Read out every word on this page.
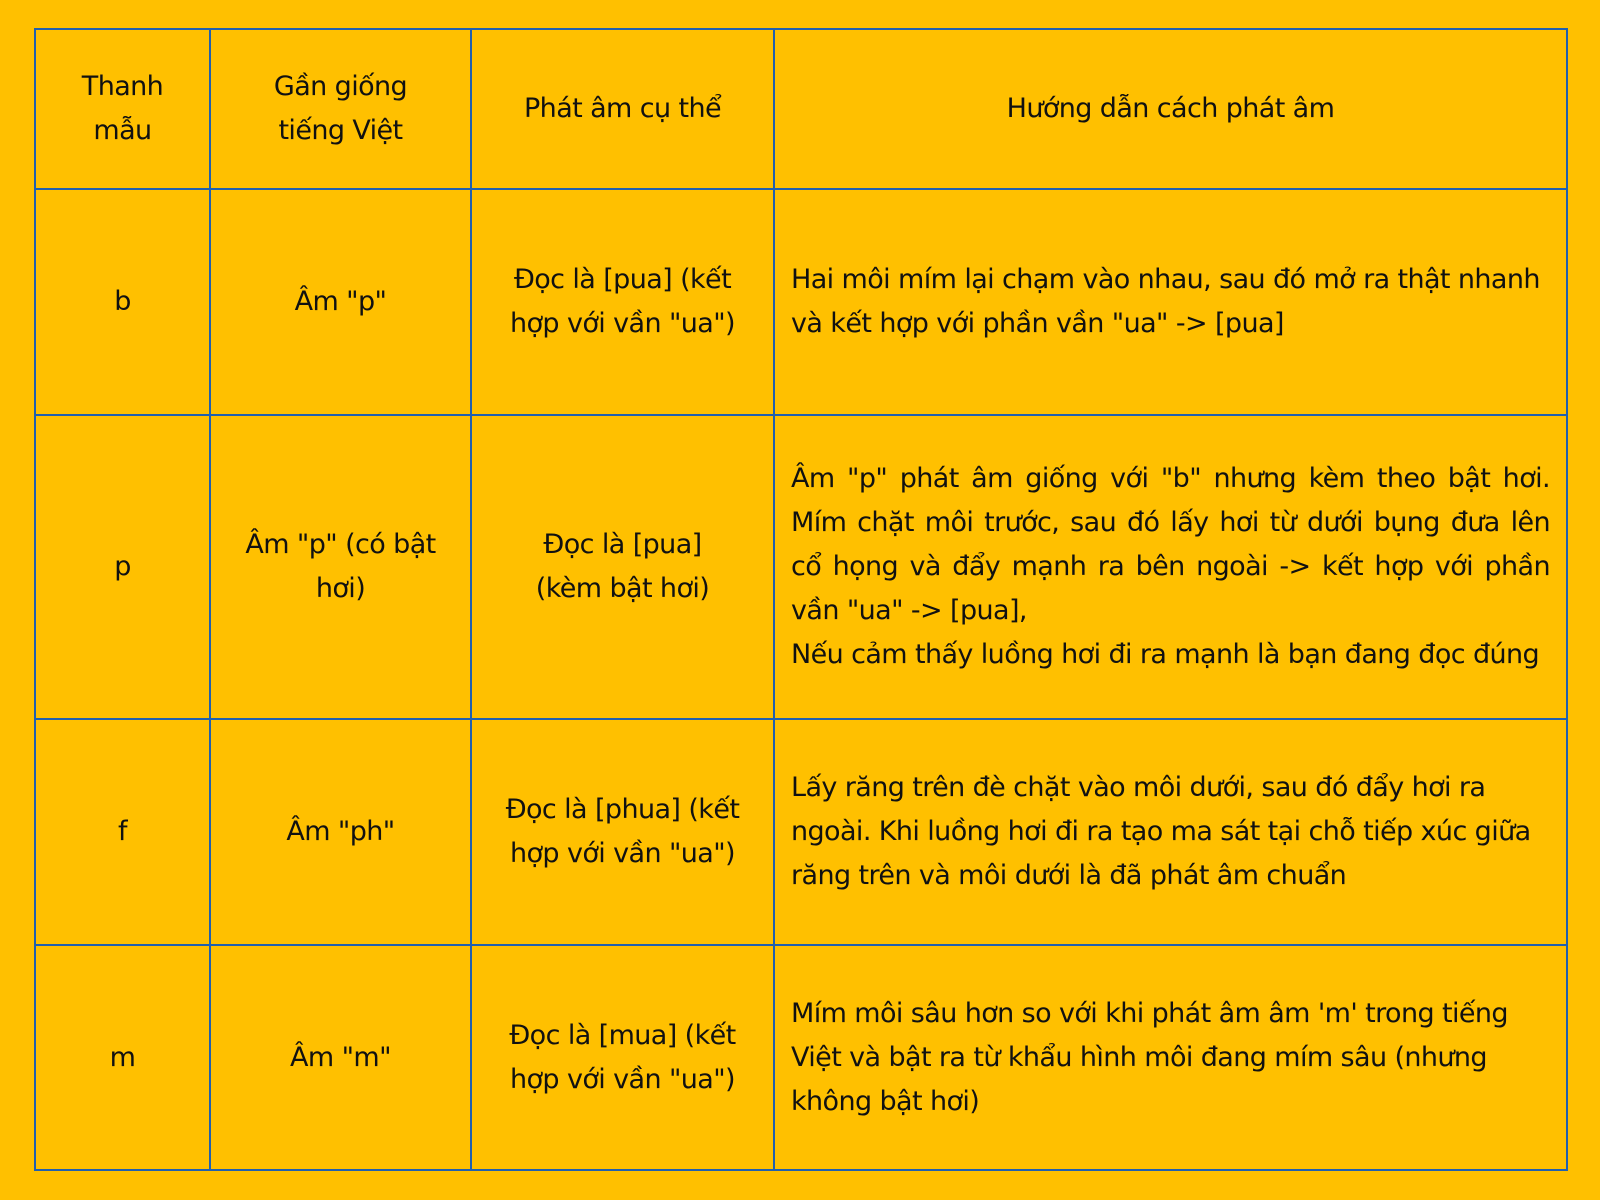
Thanh mẫu	Gần giống tiếng Việt	Phát âm cụ thể	Hướng dẫn cách phát âm
b	Âm "p"	Đọc là [pua] (kết hợp với vần "ua")	Hai môi mím lại chạm vào nhau, sau đó mở ra thật nhanh và kết hợp với phần vần "ua" -> [pua]
p	Âm "p" (có bật hơi)	Đọc là [pua] (kèm bật hơi)	Âm "p" phát âm giống với "b" nhưng kèm theo bật hơi. Mím chặt môi trước, sau đó lấy hơi từ dưới bụng đưa lên cổ họng và đẩy mạnh ra bên ngoài -> kết hợp với phần vần "ua" -> [pua],
Nếu cảm thấy luồng hơi đi ra mạnh là bạn đang đọc đúng

f	Âm "ph"	Đọc là [phua] (kết hợp với vần "ua")	Lấy răng trên đè chặt vào môi dưới, sau đó đẩy hơi ra ngoài. Khi luồng hơi đi ra tạo ma sát tại chỗ tiếp xúc giữa răng trên và môi dưới là đã phát âm chuẩn
m	Âm "m"	Đọc là [mua] (kết hợp với vần "ua")	Mím môi sâu hơn so với khi phát âm âm 'm' trong tiếng Việt và bật ra từ khẩu hình môi đang mím sâu (nhưng không bật hơi)
